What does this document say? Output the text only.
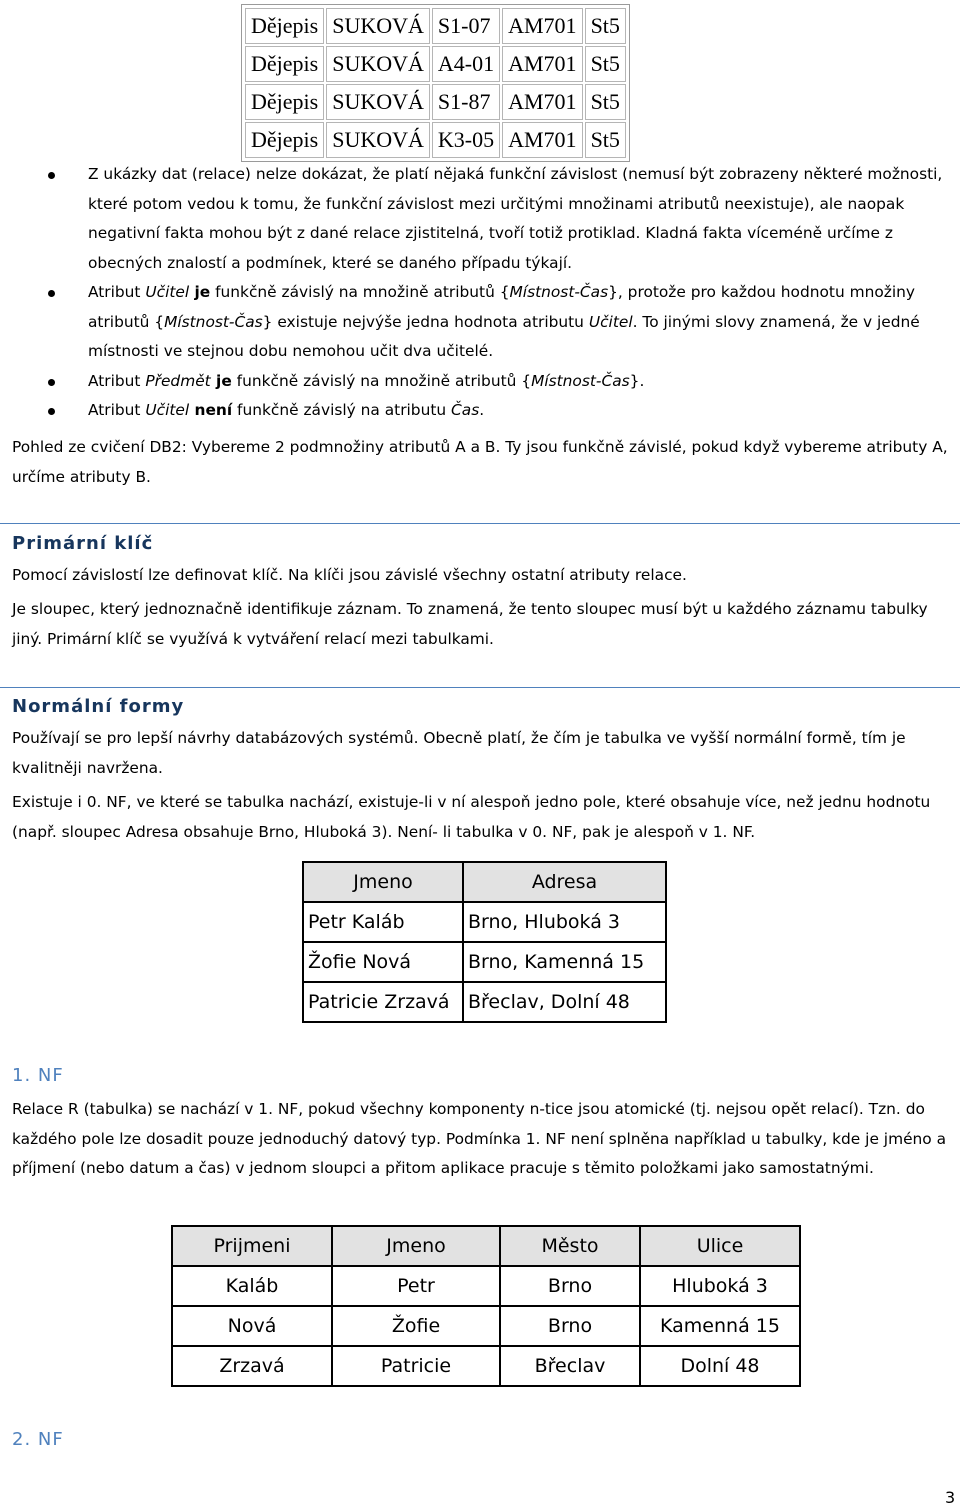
Dějepis	SUKOVÁ	S1-07	AM701	St5
Dějepis	SUKOVÁ	A4-01	AM701	St5
Dějepis	SUKOVÁ	S1-87	AM701	St5
Dějepis	SUKOVÁ	K3-05	AM701	St5
Z ukázky dat (relace) nelze dokázat, že platí nějaká funkční závislost (nemusí být zobrazeny některé možnosti, které potom vedou k tomu, že funkční závislost mezi určitými množinami atributů neexistuje), ale naopak negativní fakta mohou být z dané relace zjistitelná, tvoří totiž protiklad. Kladná fakta víceméně určíme z obecných znalostí a podmínek, které se daného případu týkají.
Atribut Učitel je funkčně závislý na množině atributů {Místnost-Čas}, protože pro každou hodnotu množiny atributů {Místnost-Čas} existuje nejvýše jedna hodnota atributu Učitel. To jinými slovy znamená, že v jedné místnosti ve stejnou dobu nemohou učit dva učitelé.
Atribut Předmět je funkčně závislý na množině atributů {Místnost-Čas}.
Atribut Učitel není funkčně závislý na atributu Čas.
Pohled ze cvičení DB2: Vybereme 2 podmnožiny atributů A a B. Ty jsou funkčně závislé, pokud když vybereme atributy A, určíme atributy B.
Primární klíč
Pomocí závislostí lze definovat klíč. Na klíči jsou závislé všechny ostatní atributy relace.
Je sloupec, který jednoznačně identifikuje záznam. To znamená, že tento sloupec musí být u každého záznamu tabulky jiný. Primární klíč se využívá k vytváření relací mezi tabulkami.
Normální formy
Používají se pro lepší návrhy databázových systémů. Obecně platí, že čím je tabulka ve vyšší normální formě, tím je kvalitněji navržena.
Existuje i 0. NF, ve které se tabulka nachází, existuje-li v ní alespoň jedno pole, které obsahuje více, než jednu hodnotu (např. sloupec Adresa obsahuje Brno, Hluboká 3). Není- li tabulka v 0. NF, pak je alespoň v 1. NF.
Jmeno	Adresa
Petr Kaláb	Brno, Hluboká 3
Žofie Nová	Brno, Kamenná 15
Patricie Zrzavá	Břeclav, Dolní 48
1. NF
Relace R (tabulka) se nachází v 1. NF, pokud všechny komponenty n-tice jsou atomické (tj. nejsou opět relací). Tzn. do každého pole lze dosadit pouze jednoduchý datový typ. Podmínka 1. NF není splněna například u tabulky, kde je jméno a příjmení (nebo datum a čas) v jednom sloupci a přitom aplikace pracuje s těmito položkami jako samostatnými.
Prijmeni	Jmeno	Město	Ulice
Kaláb	Petr	Brno	Hluboká 3
Nová	Žofie	Brno	Kamenná 15
Zrzavá	Patricie	Břeclav	Dolní 48
2. NF
3
